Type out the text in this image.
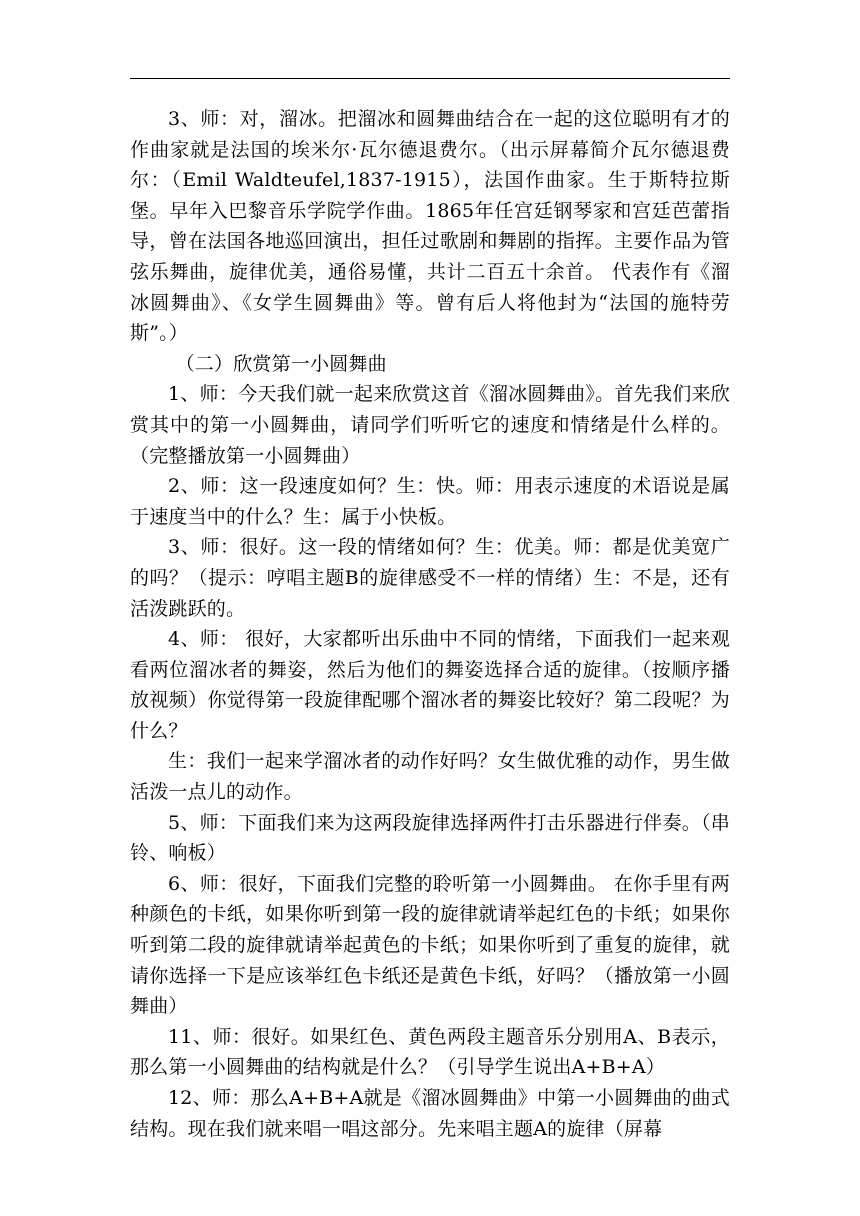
3、师：对，溜冰。把溜冰和圆舞曲结合在一起的这位聪明有才的作曲家就是法国的埃米尔·瓦尔德退费尔。（出示屏幕简介瓦尔德退费尔：（Emil Waldteufel,1837-1915），法国作曲家。生于斯特拉斯堡。早年入巴黎音乐学院学作曲。1865年任宫廷钢琴家和宫廷芭蕾指导，曾在法国各地巡回演出，担任过歌剧和舞剧的指挥。主要作品为管弦乐舞曲，旋律优美，通俗易懂，共计二百五十余首。 代表作有《溜冰圆舞曲》、《女学生圆舞曲》等。曾有后人将他封为“法国的施特劳斯”。）

（二）欣赏第一小圆舞曲

1、师：今天我们就一起来欣赏这首《溜冰圆舞曲》。首先我们来欣赏其中的第一小圆舞曲，请同学们听听它的速度和情绪是什么样的。（完整播放第一小圆舞曲）

2、师：这一段速度如何？生：快。师：用表示速度的术语说是属于速度当中的什么？生：属于小快板。

3、师：很好。这一段的情绪如何？生：优美。师：都是优美宽广的吗？（提示：哼唱主题B的旋律感受不一样的情绪）生：不是，还有活泼跳跃的。

4、师： 很好，大家都听出乐曲中不同的情绪，下面我们一起来观看两位溜冰者的舞姿，然后为他们的舞姿选择合适的旋律。（按顺序播放视频）你觉得第一段旋律配哪个溜冰者的舞姿比较好？第二段呢？为什么？

生：我们一起来学溜冰者的动作好吗？女生做优雅的动作，男生做活泼一点儿的动作。

5、师：下面我们来为这两段旋律选择两件打击乐器进行伴奏。（串铃、响板）

6、师：很好，下面我们完整的聆听第一小圆舞曲。 在你手里有两种颜色的卡纸，如果你听到第一段的旋律就请举起红色的卡纸；如果你听到第二段的旋律就请举起黄色的卡纸；如果你听到了重复的旋律，就请你选择一下是应该举红色卡纸还是黄色卡纸，好吗？（播放第一小圆舞曲）

11、师：很好。如果红色、黄色两段主题音乐分别用A、B表示，那么第一小圆舞曲的结构就是什么？（引导学生说出A+B+A）

12、师：那么A+B+A就是《溜冰圆舞曲》中第一小圆舞曲的曲式结构。现在我们就来唱一唱这部分。先来唱主题A的旋律（屏幕
